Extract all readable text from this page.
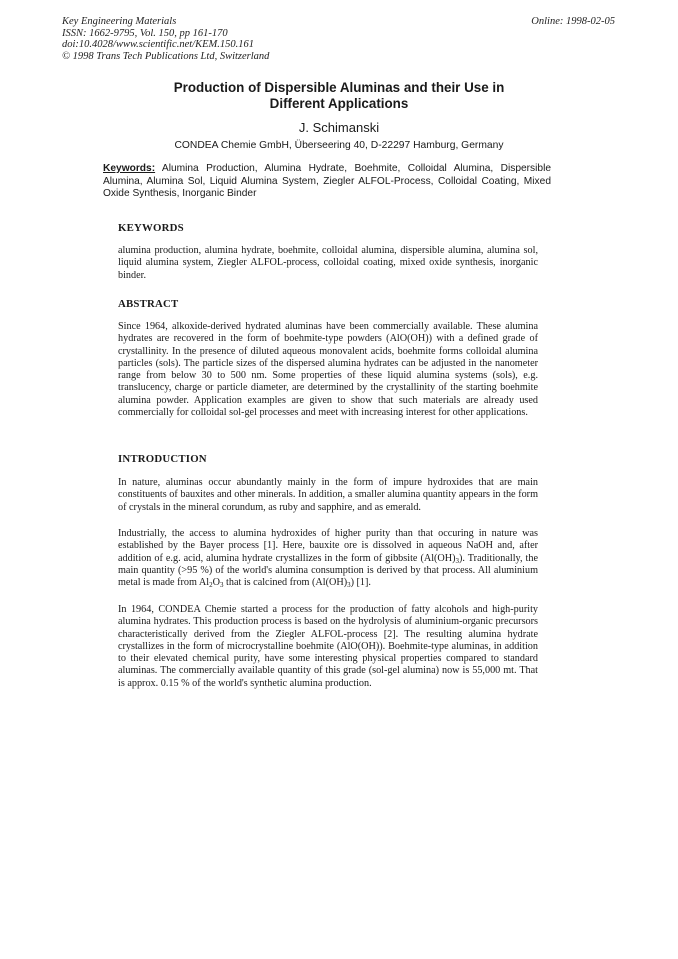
Key Engineering Materials
ISSN: 1662-9795, Vol. 150, pp 161-170
doi:10.4028/www.scientific.net/KEM.150.161
© 1998 Trans Tech Publications Ltd, Switzerland
Online: 1998-02-05
Production of Dispersible Aluminas and their Use in
Different Applications
J. Schimanski
CONDEA Chemie GmbH, Überseering 40, D-22297 Hamburg, Germany
Keywords: Alumina Production, Alumina Hydrate, Boehmite, Colloidal Alumina, Dispersible Alumina, Alumina Sol, Liquid Alumina System, Ziegler ALFOL-Process, Colloidal Coating, Mixed Oxide Synthesis, Inorganic Binder
KEYWORDS
alumina production, alumina hydrate, boehmite, colloidal alumina, dispersible alumina, alumina sol, liquid alumina system, Ziegler ALFOL-process, colloidal coating, mixed oxide synthesis, inorganic binder.
ABSTRACT
Since 1964, alkoxide-derived hydrated aluminas have been commercially available. These alumina hydrates are recovered in the form of boehmite-type powders (AlO(OH)) with a defined grade of crystallinity. In the presence of diluted aqueous monovalent acids, boehmite forms colloidal alumina particles (sols). The particle sizes of the dispersed alumina hydrates can be adjusted in the nanometer range from below 30 to 500 nm. Some properties of these liquid alumina systems (sols), e.g. translucency, charge or particle diameter, are determined by the crystallinity of the starting boehmite alumina powder. Application examples are given to show that such materials are already used commercially for colloidal sol-gel processes and meet with increasing interest for other applications.
INTRODUCTION
In nature, aluminas occur abundantly mainly in the form of impure hydroxides that are main constituents of bauxites and other minerals. In addition, a smaller alumina quantity appears in the form of crystals in the mineral corundum, as ruby and sapphire, and as emerald.
Industrially, the access to alumina hydroxides of higher purity than that occuring in nature was established by the Bayer process [1]. Here, bauxite ore is dissolved in aqueous NaOH and, after addition of e.g. acid, alumina hydrate crystallizes in the form of gibbsite $(Al(OH)_3)$. Traditionally, the main quantity (>95 %) of the world's alumina consumption is derived by that process. All aluminium metal is made from $Al_2O_3$ that is calcined from $(Al(OH)_3)$ [1].
In 1964, CONDEA Chemie started a process for the production of fatty alcohols and high-purity alumina hydrates. This production process is based on the hydrolysis of aluminium-organic precursors characteristically derived from the Ziegler ALFOL-process [2]. The resulting alumina hydrate crystallizes in the form of microcrystalline boehmite (AlO(OH)). Boehmite-type aluminas, in addition to their elevated chemical purity, have some interesting physical properties compared to standard aluminas. The commercially available quantity of this grade (sol-gel alumina) now is 55,000 mt. That is approx. 0.15 % of the world's synthetic alumina production.
